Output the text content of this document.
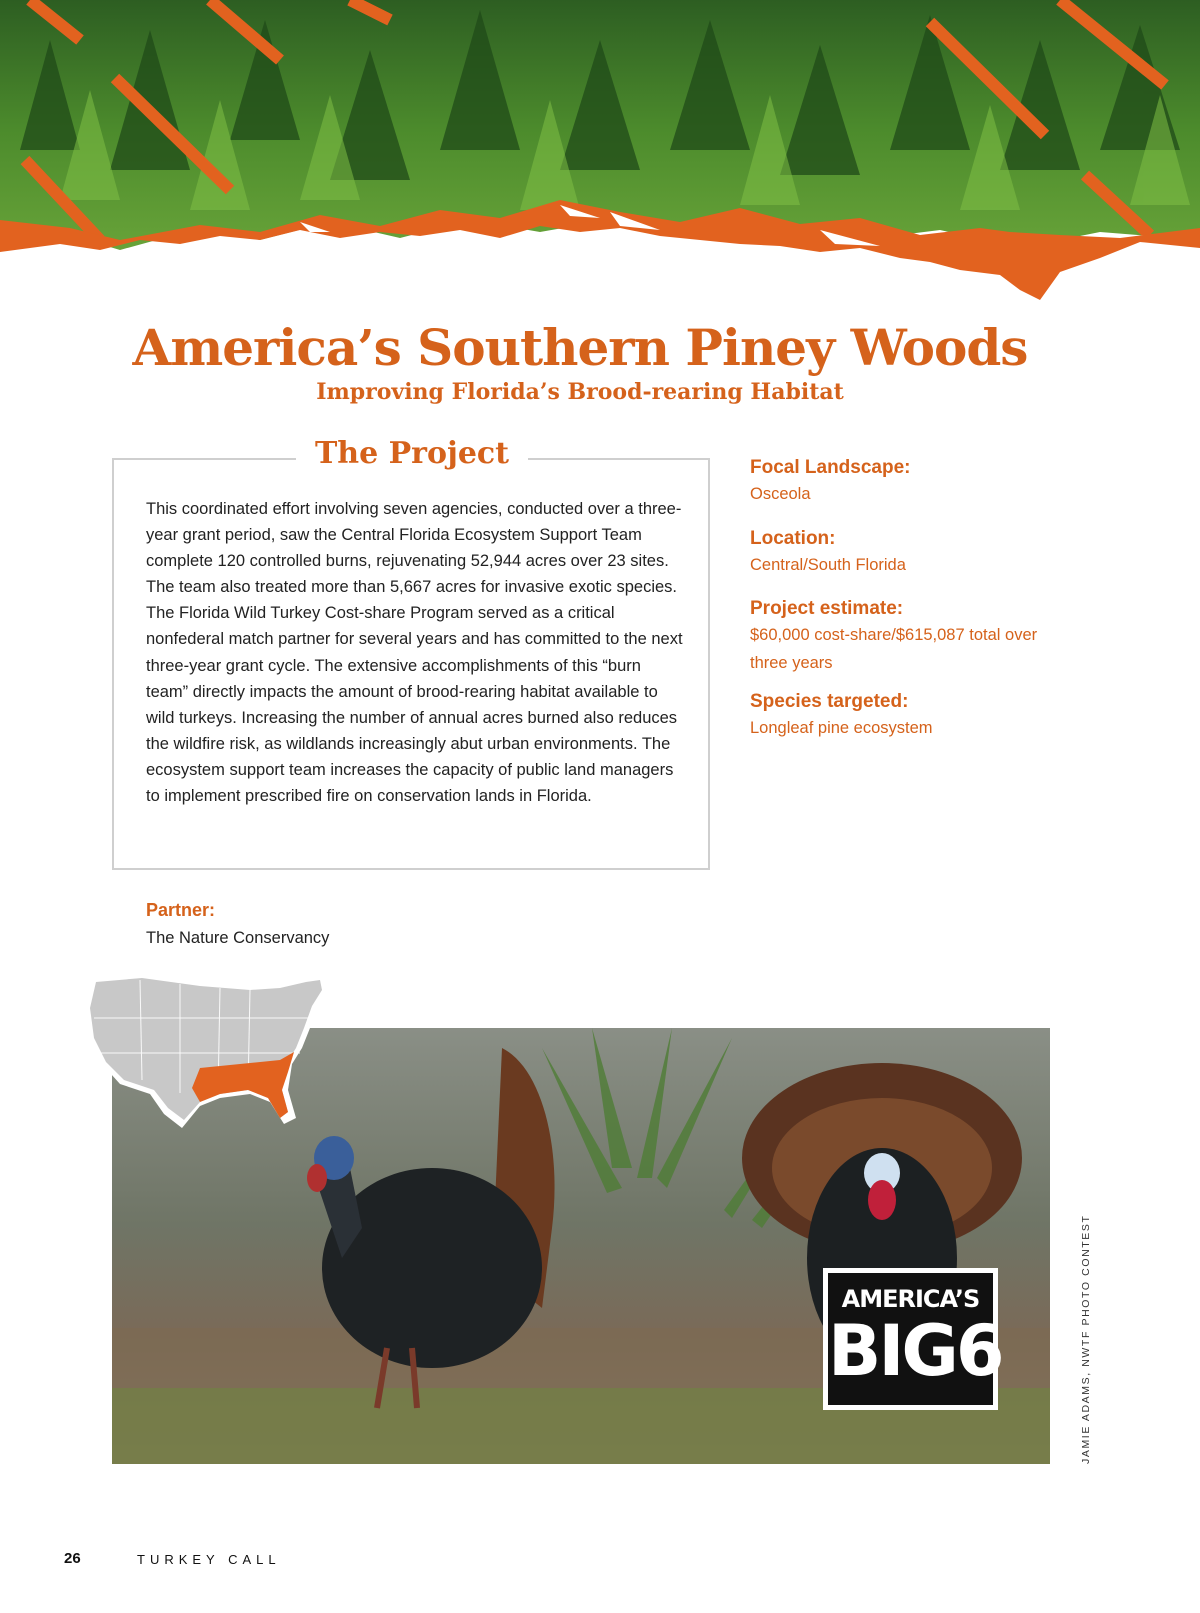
America’s Southern Piney Woods
Improving Florida’s Brood-rearing Habitat
The Project
This coordinated effort involving seven agencies, conducted over a three-year grant period, saw the Central Florida Ecosystem Support Team complete 120 controlled burns, rejuvenating 52,944 acres over 23 sites. The team also treated more than 5,667 acres for invasive exotic species. The Florida Wild Turkey Cost-share Program served as a critical nonfederal match partner for several years and has committed to the next three-year grant cycle. The extensive accomplishments of this “burn team” directly impacts the amount of brood-rearing habitat available to wild turkeys. Increasing the number of annual acres burned also reduces the wildfire risk, as wildlands increasingly abut urban environments. The ecosystem support team increases the capacity of public land managers to implement prescribed fire on conservation lands in Florida.
Focal Landscape:
Osceola
Location:
Central/South Florida
Project estimate:
$60,000 cost-share/$615,087 total over three years
Species targeted:
Longleaf pine ecosystem
Partner:
The Nature Conservancy
AMERICA’S
BIG6	JAMIE ADAMS, NWTF PHOTO CONTEST
26	TURKEY CALL
